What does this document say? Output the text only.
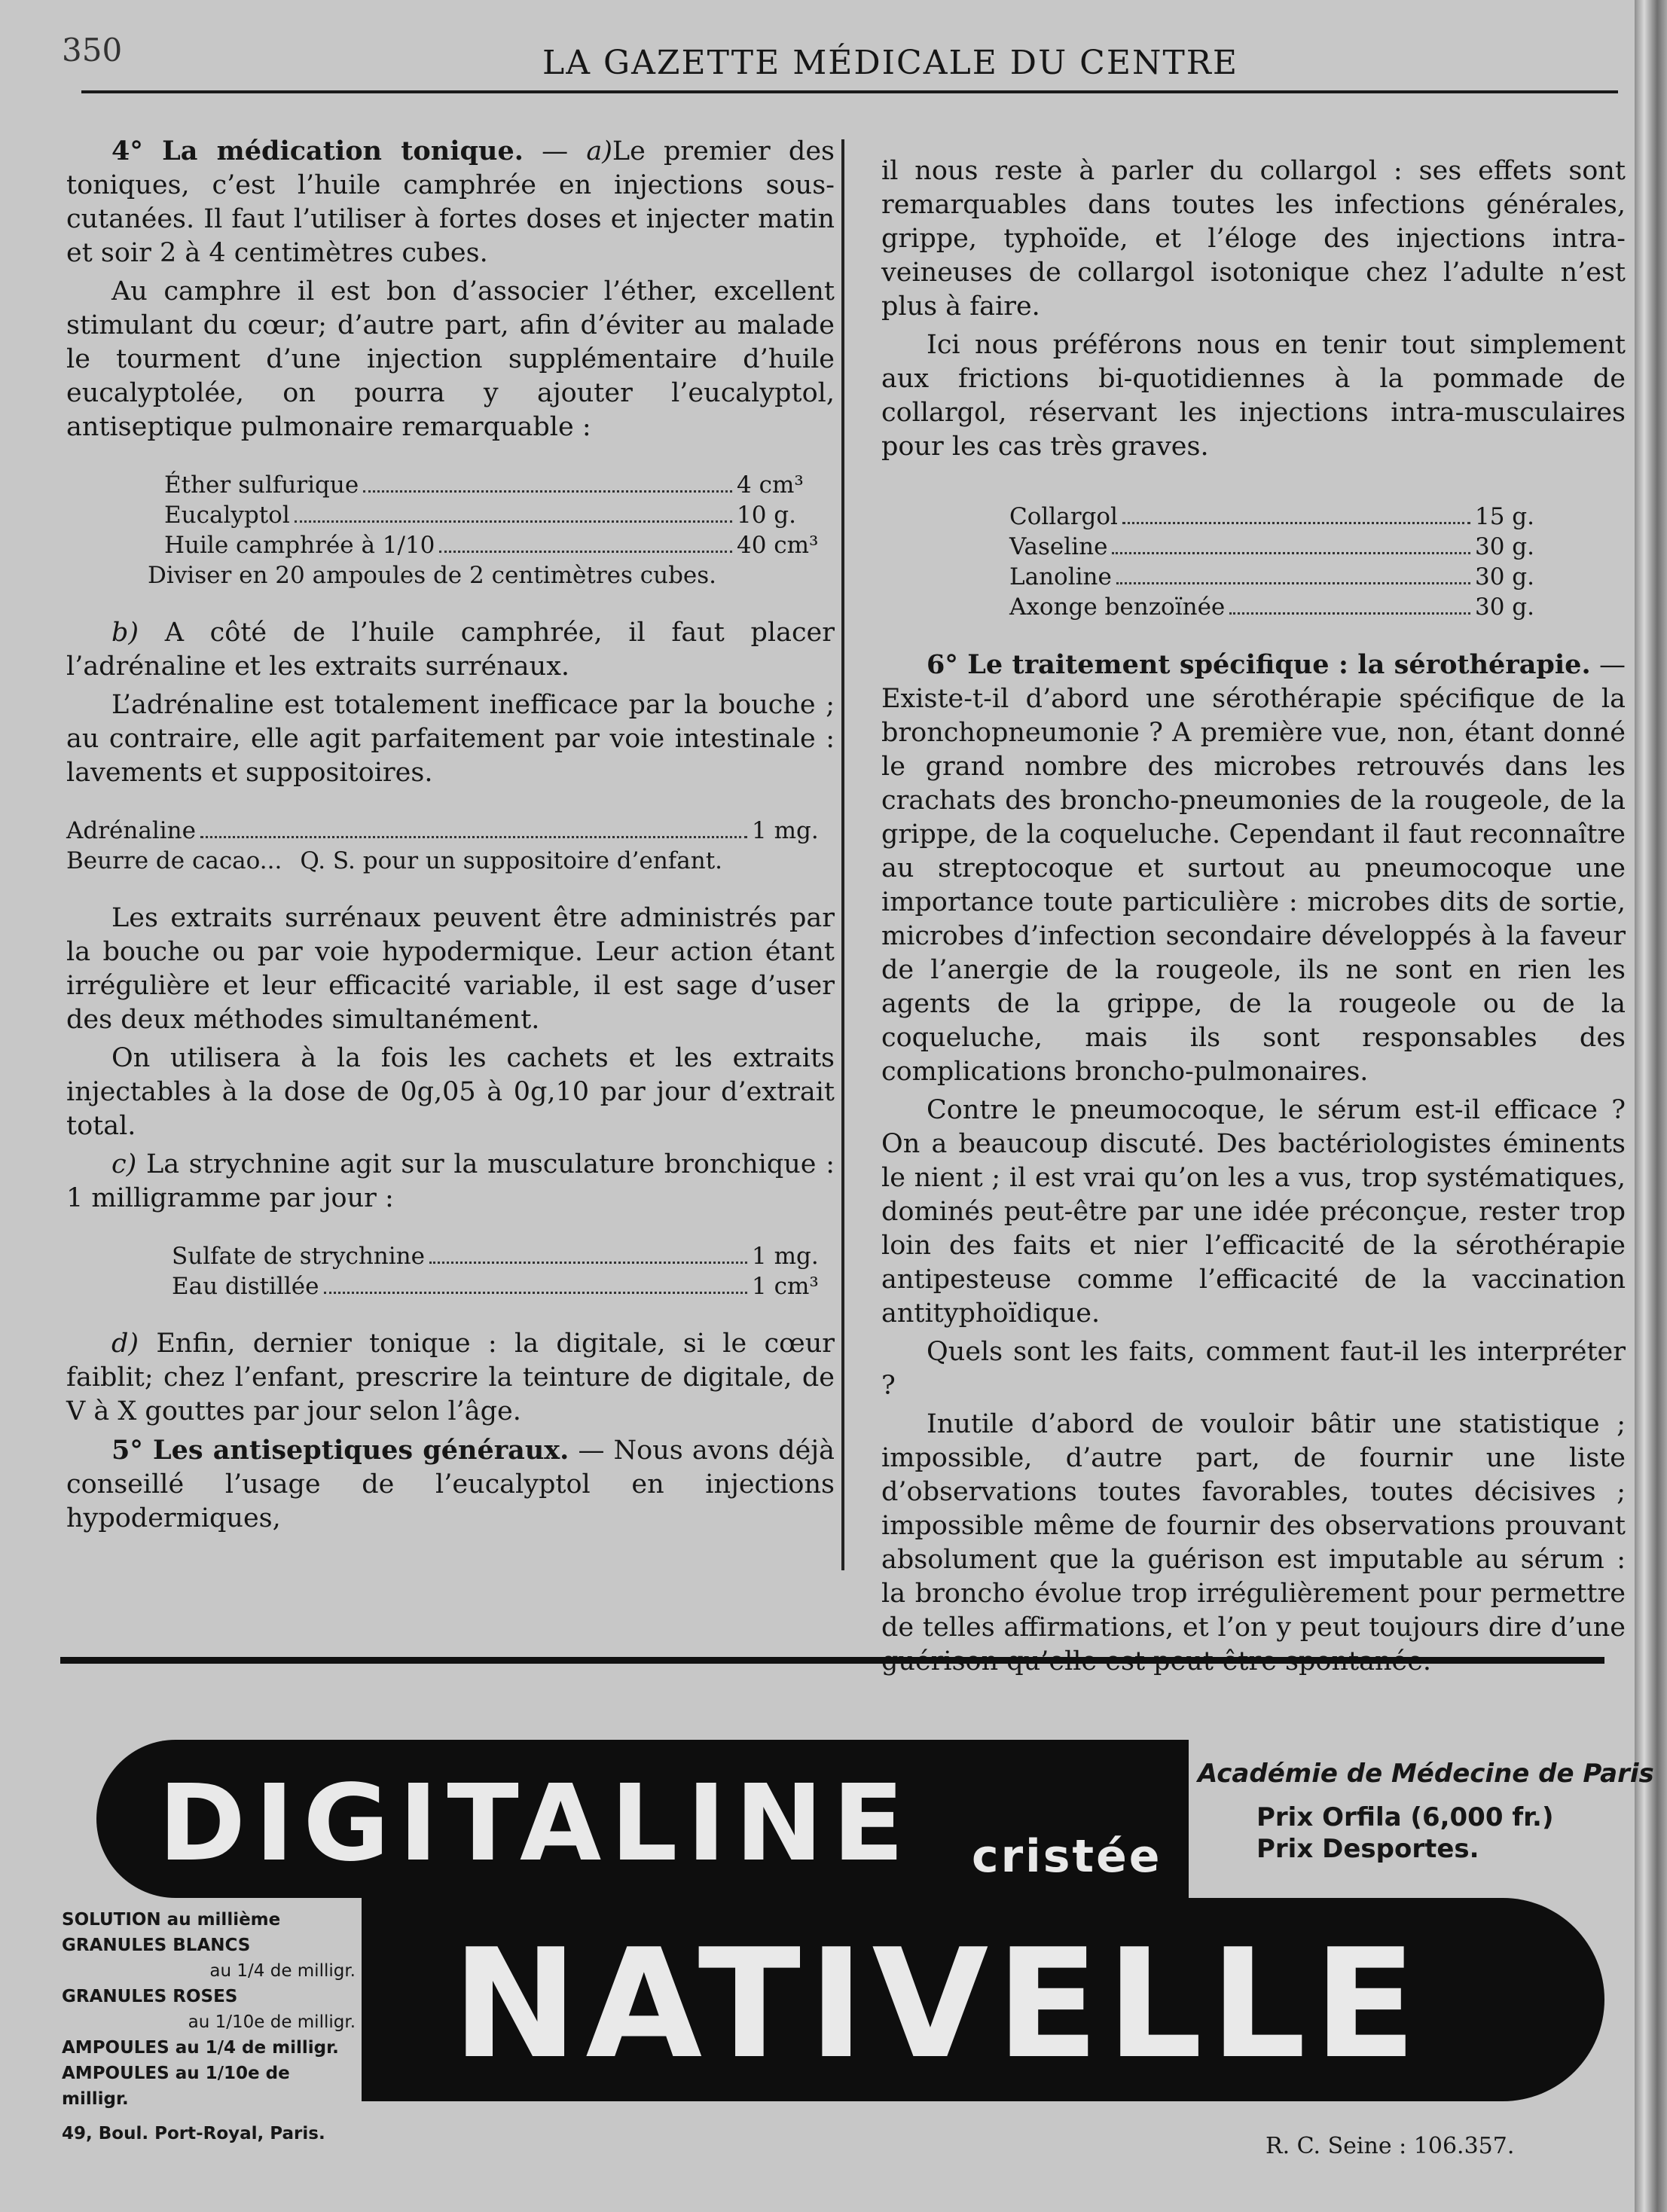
350	LA GAZETTE MÉDICALE DU CENTRE

4° La médication tonique. — a)Le premier des toniques, c’est l’huile camphrée en injections sous-cutanées. Il faut l’utiliser à fortes doses et injecter matin et soir 2 à 4 centimètres cubes.

Au camphre il est bon d’associer l’éther, excellent stimulant du cœur; d’autre part, afin d’éviter au malade le tourment d’une injection supplémentaire d’huile eucalyptolée, on pourra y ajouter l’eucalyptol, antiseptique pulmonaire remarquable :

Éther sulfurique	4 cm³
Eucalyptol	10 g.
Huile camphrée à 1/10	40 cm³
Diviser en 20 ampoules de 2 centimètres cubes.

b) A côté de l’huile camphrée, il faut placer l’adrénaline et les extraits surrénaux.

L’adrénaline est totalement inefficace par la bouche ; au contraire, elle agit parfaitement par voie intestinale : lavements et suppositoires.

Adrénaline	1 mg.
Beurre de cacao... Q. S. pour un suppositoire d’enfant.

Les extraits surrénaux peuvent être administrés par la bouche ou par voie hypodermique. Leur action étant irrégulière et leur efficacité variable, il est sage d’user des deux méthodes simultanément.

On utilisera à la fois les cachets et les extraits injectables à la dose de 0g,05 à 0g,10 par jour d’extrait total.

c) La strychnine agit sur la musculature bronchique : 1 milligramme par jour :

Sulfate de strychnine	1 mg.
Eau distillée	1 cm³

d) Enfin, dernier tonique : la digitale, si le cœur faiblit; chez l’enfant, prescrire la teinture de digitale, de V à X gouttes par jour selon l’âge.

5° Les antiseptiques généraux. — Nous avons déjà conseillé l’usage de l’eucalyptol en injections hypodermiques,

il nous reste à parler du collargol : ses effets sont remarquables dans toutes les infections générales, grippe, typhoïde, et l’éloge des injections intra-veineuses de collargol isotonique chez l’adulte n’est plus à faire.

Ici nous préférons nous en tenir tout simplement aux frictions bi-quotidiennes à la pommade de collargol, réservant les injections intra-musculaires pour les cas très graves.

Collargol	15 g.
Vaseline	30 g.
Lanoline	30 g.
Axonge benzoïnée	30 g.

6° Le traitement spécifique : la sérothérapie. — Existe-t-il d’abord une sérothérapie spécifique de la bronchopneumonie ? A première vue, non, étant donné le grand nombre des microbes retrouvés dans les crachats des broncho-pneumonies de la rougeole, de la grippe, de la coqueluche. Cependant il faut reconnaître au streptocoque et surtout au pneumocoque une importance toute particulière : microbes dits de sortie, microbes d’infection secondaire développés à la faveur de l’anergie de la rougeole, ils ne sont en rien les agents de la grippe, de la rougeole ou de la coqueluche, mais ils sont responsables des complications broncho-pulmonaires.

Contre le pneumocoque, le sérum est-il efficace ? On a beaucoup discuté. Des bactériologistes éminents le nient ; il est vrai qu’on les a vus, trop systématiques, dominés peut-être par une idée préconçue, rester trop loin des faits et nier l’efficacité de la sérothérapie antipesteuse comme l’efficacité de la vaccination antityphoïdique.

Quels sont les faits, comment faut-il les interpréter ?

Inutile d’abord de vouloir bâtir une statistique ; impossible, d’autre part, de fournir une liste d’observations toutes favorables, toutes décisives ; impossible même de fournir des observations prouvant absolument que la guérison est imputable au sérum : la broncho évolue trop irrégulièrement pour permettre de telles affirmations, et l’on y peut toujours dire d’une

DIGITALINE cristée
NATIVELLE
Académie de Médecine de Paris
Prix Orfila (6,000 fr.)
Prix Desportes.
SOLUTION au millième
GRANULES BLANCS
au 1/4 de milligr.
GRANULES ROSES
au 1/10e de milligr.
AMPOULES au 1/4 de milligr.
AMPOULES au 1/10e de milligr.
49, Boul. Port-Royal, Paris.	R. C. Seine : 106.357.
